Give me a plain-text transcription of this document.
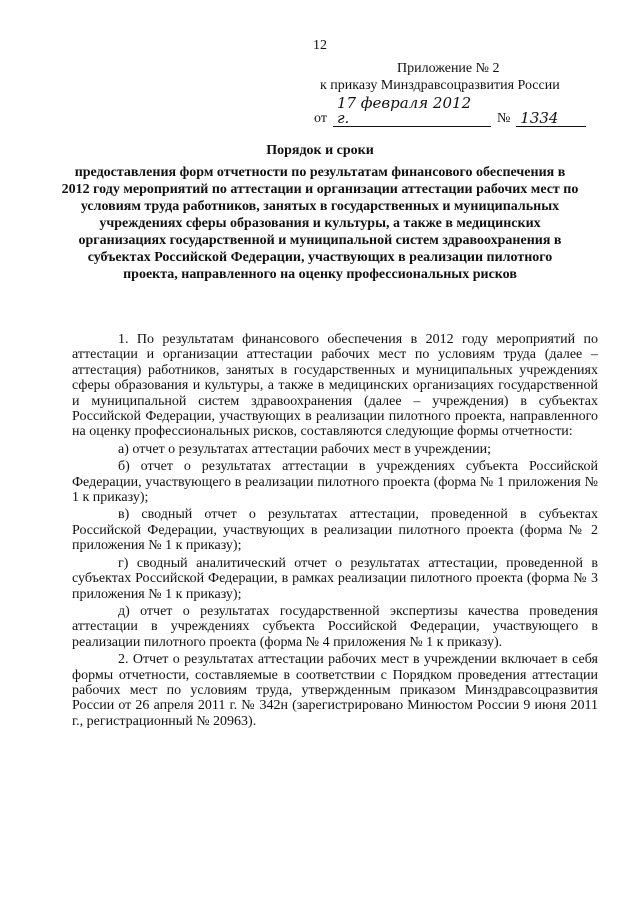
12
Приложение № 2
к приказу Минздравсоцразвития России
от
17 февраля 2012 г.	№ 1334
Порядок и сроки
предоставления форм отчетности по результатам финансового обеспечения в 2012 году мероприятий по аттестации и организации аттестации рабочих мест по условиям труда работников, занятых в государственных и муниципальных учреждениях сферы образования и культуры, а также в медицинских организациях государственной и муниципальной систем здравоохранения в субъектах Российской Федерации, участвующих в реализации пилотного проекта, направленного на оценку профессиональных рисков

1. По результатам финансового обеспечения в 2012 году мероприятий по аттестации и организации аттестации рабочих мест по условиям труда (далее – аттестация) работников, занятых в государственных и муниципальных учреждениях сферы образования и культуры, а также в медицинских организациях государственной и муниципальной систем здравоохранения (далее – учреждения) в субъектах Российской Федерации, участвующих в реализации пилотного проекта, направленного на оценку профессиональных рисков, составляются следующие формы отчетности:

а) отчет о результатах аттестации рабочих мест в учреждении;

б) отчет о результатах аттестации в учреждениях субъекта Российской Федерации, участвующего в реализации пилотного проекта (форма № 1 приложения № 1 к приказу);

в) сводный отчет о результатах аттестации, проведенной в субъектах Российской Федерации, участвующих в реализации пилотного проекта (форма № 2 приложения № 1 к приказу);

г) сводный аналитический отчет о результатах аттестации, проведенной в субъектах Российской Федерации, в рамках реализации пилотного проекта (форма № 3 приложения № 1 к приказу);

д) отчет о результатах государственной экспертизы качества проведения аттестации в учреждениях субъекта Российской Федерации, участвующего в реализации пилотного проекта (форма № 4 приложения № 1 к приказу).

2. Отчет о результатах аттестации рабочих мест в учреждении включает в себя формы отчетности, составляемые в соответствии с Порядком проведения аттестации рабочих мест по условиям труда, утвержденным приказом Минздравсоцразвития России от 26 апреля 2011 г. № 342н (зарегистрировано Минюстом России 9 июня 2011 г., регистрационный № 20963).
